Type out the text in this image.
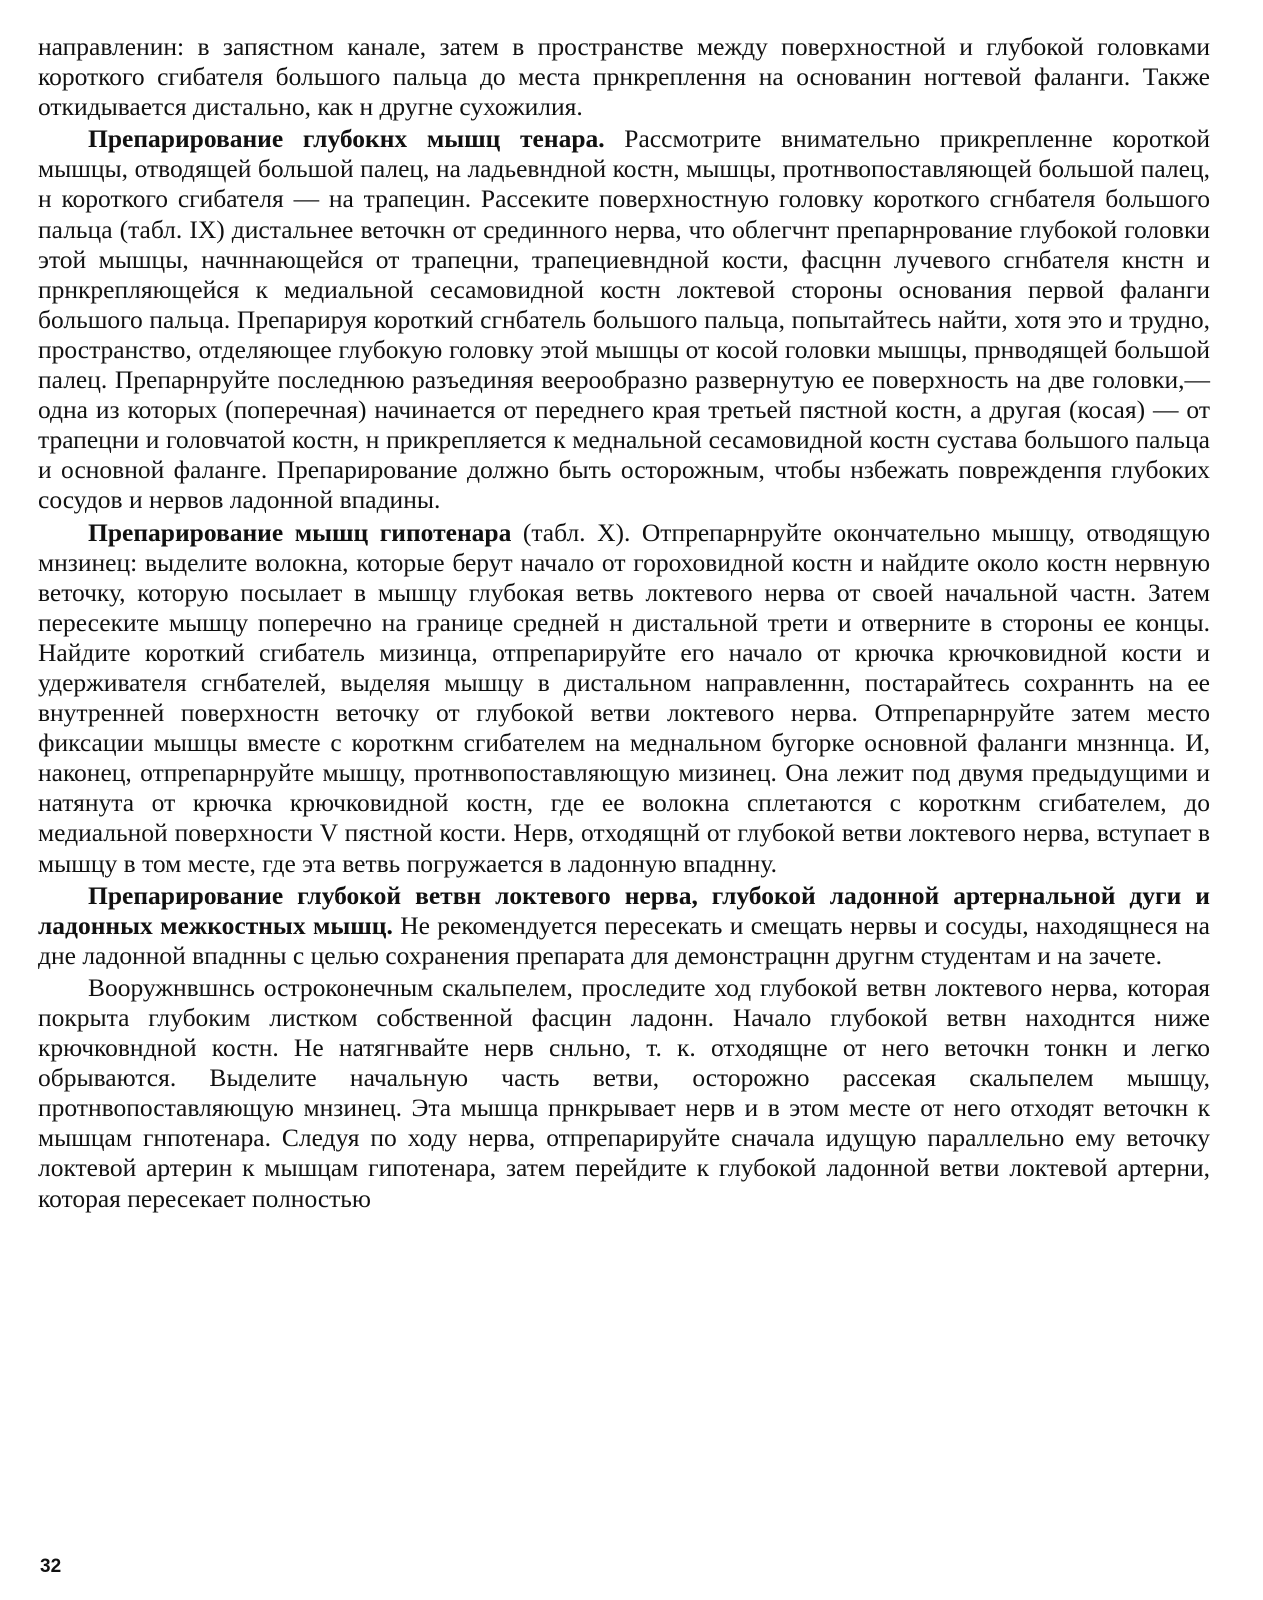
направленин: в запястном канале, затем в пространстве между поверхностной и глубокой головками короткого сгибателя большого пальца до места прнкреплення на основанин ногтевой фаланги. Также откидывается дистально, как н другне сухожилия.

Препарирование глубокнх мышц тенара. Рассмотрите внимательно прикрепленне короткой мышцы, отводящей большой палец, на ладьевндной костн, мышцы, протнвопоставляющей большой палец, н короткого сгибателя — на трапецин. Рассеките поверхностную головку короткого сгнбателя большого пальца (табл. IX) дистальнее веточкн от срединного нерва, что облегчнт препарнрование глубокой головки этой мышцы, начннающейся от трапецни, трапециевндной кости, фасцнн лучевого сгнбателя кнстн и прнкрепляющейся к медиальной сесамовидной костн локтевой стороны основания первой фаланги большого пальца. Препарируя короткий сгнбатель большого пальца, попытайтесь найти, хотя это и трудно, пространство, отделяющее глубокую головку этой мышцы от косой головки мышцы, прнводящей большой палец. Препарнруйте последнюю разъединяя веерообразно развернутую ее поверхность на две головки,— одна из которых (поперечная) начинается от переднего края третьей пястной костн, а другая (косая) — от трапецни и головчатой костн, н прикрепляется к меднальной сесамовидной костн сустава большого пальца и основной фаланге. Препарирование должно быть осторожным, чтобы нзбежать поврежденпя глубоких сосудов и нервов ладонной впадины.

Препарирование мышц гипотенара (табл. X). Отпрепарнруйте окончательно мышцу, отводящую мнзинец: выделите волокна, которые берут начало от гороховидной костн и найдите около костн нервную веточку, которую посылает в мышцу глубокая ветвь локтевого нерва от своей начальной частн. Затем пересеките мышцу поперечно на границе средней н дистальной трети и отверните в стороны ее концы. Найдите короткий сгибатель мизинца, отпрепарируйте его начало от крючка крючковидной кости и удерживателя сгнбателей, выделяя мышцу в дистальном направленнн, постарайтесь сохраннть на ее внутренней поверхностн веточку от глубокой ветви локтевого нерва. Отпрепарнруйте затем место фиксации мышцы вместе с короткнм сгибателем на меднальном бугорке основной фаланги мнзннца. И, наконец, отпрепарнруйте мышцу, протнвопоставляющую мизинец. Она лежит под двумя предыдущими и натянута от крючка крючковидной костн, где ее волокна сплетаются с короткнм сгибателем, до медиальной поверхности V пястной кости. Нерв, отходящнй от глубокой ветви локтевого нерва, вступает в мышцу в том месте, где эта ветвь погружается в ладонную впаднну.

Препарирование глубокой ветвн локтевого нерва, глубокой ладонной артернальной дуги и ладонных межкостных мышц. Не рекомендуется пересекать и смещать нервы и сосуды, находящнеся на дне ладонной впаднны с целью сохранения препарата для демонстрацнн другнм студентам и на зачете.

Вооружнвшнсь остроконечным скальпелем, проследите ход глубокой ветвн локтевого нерва, которая покрыта глубоким листком собственной фасцин ладонн. Начало глубокой ветвн находнтся ниже крючковндной костн. Не натягнвайте нерв снльно, т. к. отходящне от него веточкн тонкн и легко обрываются. Выделите начальную часть ветви, осторожно рассекая скальпелем мышцу, протнвопоставляющую мнзинец. Эта мышца прнкрывает нерв и в этом месте от него отходят веточкн к мышцам гнпотенара. Следуя по ходу нерва, отпрепарируйте сначала идущую параллельно ему веточку локтевой артерин к мышцам гипотенара, затем перейдите к глубокой ладонной ветви локтевой артерни, которая пересекает полностью

32
